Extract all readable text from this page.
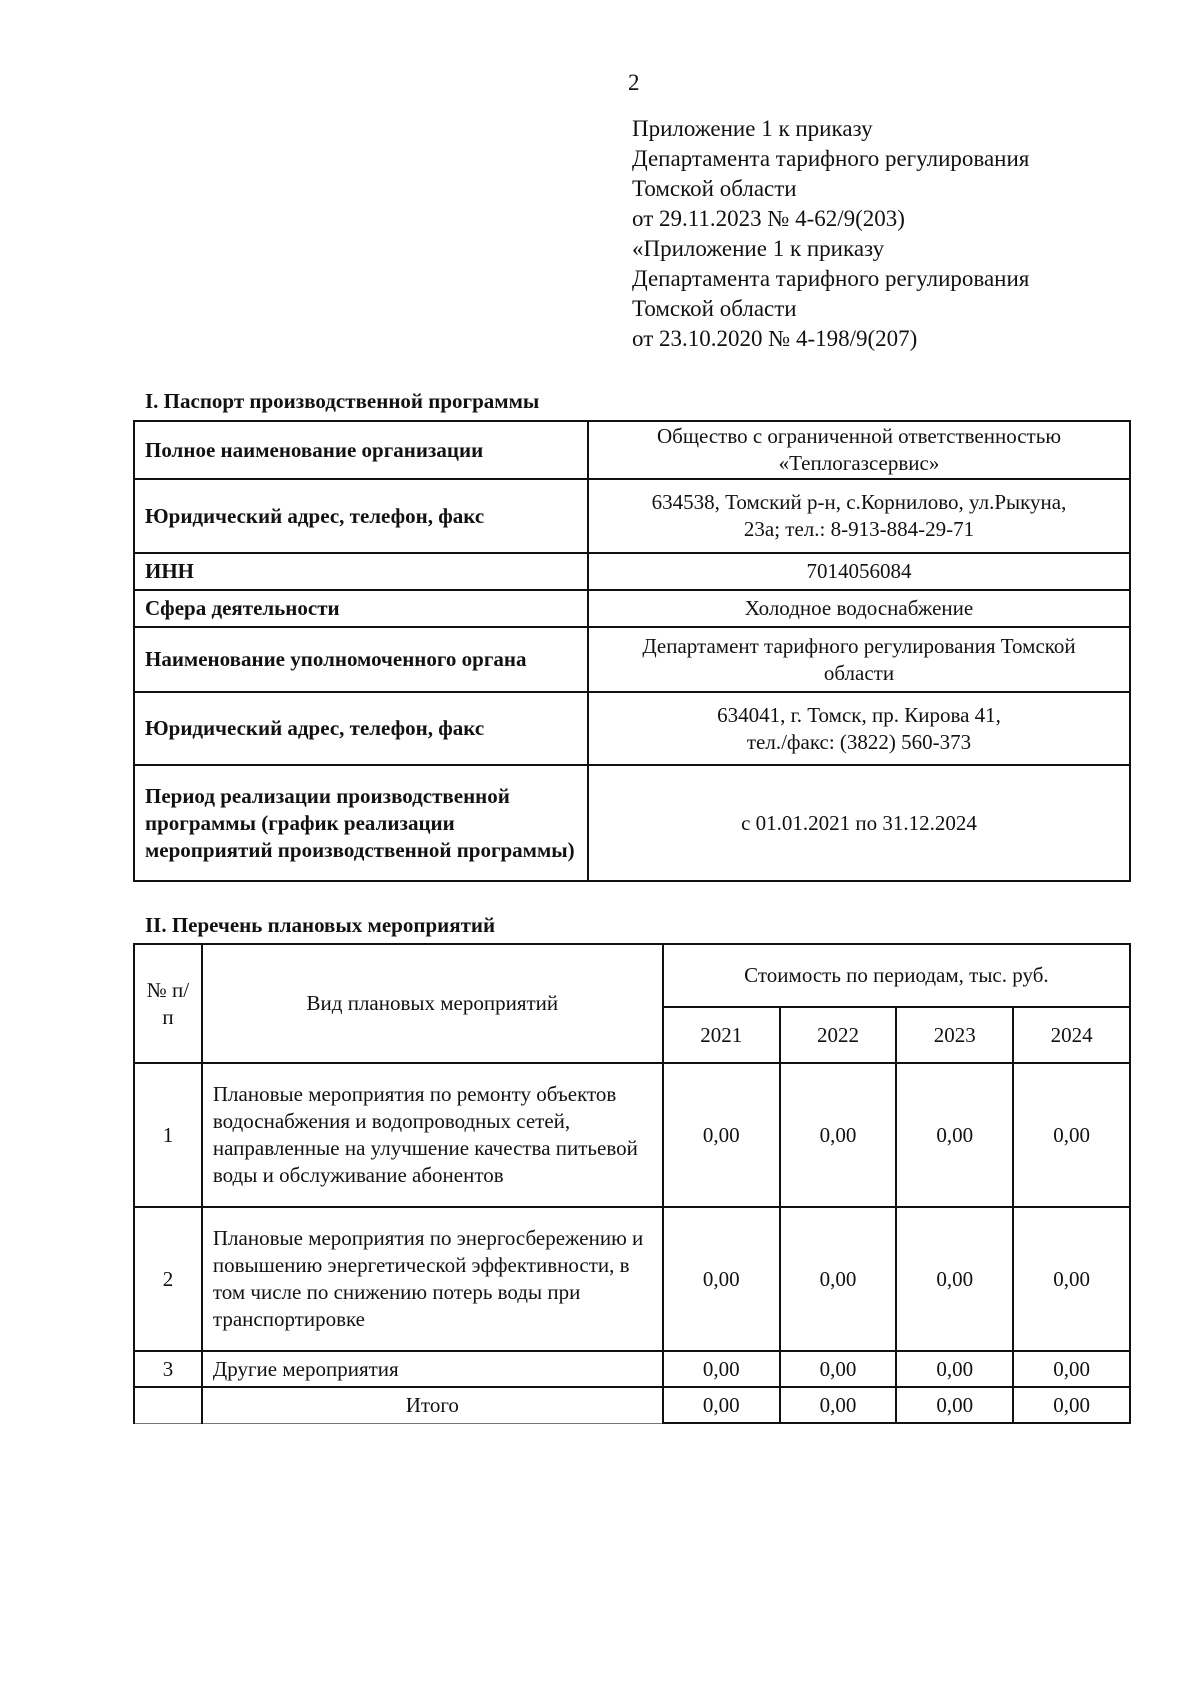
2
Приложение 1 к приказу
Департамента тарифного регулирования
Томской области
от 29.11.2023 № 4-62/9(203)
«Приложение 1 к приказу
Департамента тарифного регулирования
Томской области
от 23.10.2020 № 4-198/9(207)
I. Паспорт производственной программы
Полное наименование организации	Общество с ограниченной ответственностью
«Теплогазсервис»
Юридический адрес, телефон, факс	634538, Томский р-н, с.Корнилово, ул.Рыкуна,
23а; тел.: 8-913-884-29-71
ИНН	7014056084
Сфера деятельности	Холодное водоснабжение
Наименование уполномоченного органа	Департамент тарифного регулирования Томской
области
Юридический адрес, телефон, факс	634041, г. Томск, пр. Кирова 41,
тел./факс: (3822) 560-373
Период реализации производственной программы (график реализации мероприятий производственной программы)	с 01.01.2021 по 31.12.2024
II. Перечень плановых мероприятий
№ п/п	Вид плановых мероприятий	Стоимость по периодам, тыс. руб.			
		2021	2022	2023	2024
1	Плановые мероприятия по ремонту объектов водоснабжения и водопроводных сетей, направленные на улучшение качества питьевой воды и обслуживание абонентов	0,00	0,00	0,00	0,00
2	Плановые мероприятия по энергосбережению и повышению энергетической эффективности, в том числе по снижению потерь воды при транспортировке	0,00	0,00	0,00	0,00
3	Другие мероприятия	0,00	0,00	0,00	0,00
	Итого	0,00	0,00	0,00	0,00
